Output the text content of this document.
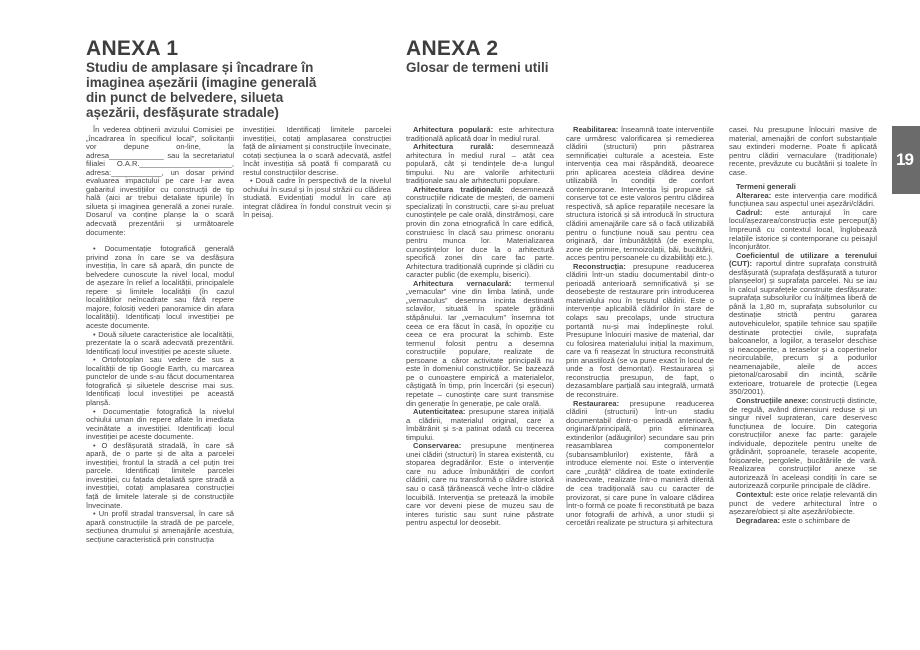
ANEXA 1
Studiu de amplasare și încadrare în
imaginea așezării (imagine generală
din punct de belvedere, silueta
așezării, desfășurate stradale)
ANEXA 2
Glosar de termeni utili
19

În vederea obținerii avizului Comisiei pe „încadrarea în specificul local”, solicitanții vor depune on-line, la adresa_____________ sau la secretariatul filialei O.A.R.______________________, adresa:____________, un dosar privind evaluarea impactului pe care l-ar avea gabaritul investițiilor cu construcții de tip hală (aici ar trebui detaliate tipurile) în silueta și imaginea generală a zonei rurale. Dosarul va conține planșe la o scară adecvată prezentării și următoarele documente:

• Documentație fotografică generală privind zona în care se va desfășura investiția, în care să apară, din puncte de belvedere cunoscute la nivel local, modul de așezare în relief a localității, principalele repere și limitele localității (în cazul localităților neîncadrate sau fără repere majore, folosiți vederi panoramice din afara localității). Identificați locul investiției pe aceste documente.

• Două siluete caracteristice ale localității, prezentate la o scară adecvată prezentării. Identificați locul investiției pe aceste siluete.

• Ortofotoplan sau vedere de sus a localității de tip Google Earth, cu marcarea punctelor de unde s-au făcut documentarea fotografică și siluetele descrise mai sus. Identificați locul investiției pe această planșă.

• Documentație fotografică la nivelul ochiului uman din repere aflate în imediata vecinătate a investiției. Identificați locul investiției pe aceste documente.

• O desfășurată stradală, în care să apară, de o parte și de alta a parcelei investiției, frontul la stradă a cel puțin trei parcele. Identificați limitele parcelei investiției, cu fațada detaliată spre stradă a investiției, cotați amplasarea construcției față de limitele laterale și de construcțiile învecinate.

• Un profil stradal transversal, în care să apară construcțiile la stradă de pe parcele, secțiunea drumului și amenajările acestuia, secțiune caracteristică prin construcția

investiției. Identificați limitele parcelei investiției, cotați amplasarea construcției față de aliniament și construcțiile învecinate, cotați secțiunea la o scară adecvată, astfel încât investiția să poată fi comparată cu restul construcțiilor descrise.

• Două cadre în perspectivă de la nivelul ochiului în susul și în josul străzii cu clădirea studiată. Evidențiați modul în care ați integrat clădirea în fondul construit vecin și în peisaj.

Arhitectura populară: este arhitectura tradițională aplicată doar în mediul rural.

Arhitectura rurală: desemnează arhitectura în mediul rural – atât cea populară, cât și tendințele de-a lungul timpului. Nu are valorile arhitecturii tradiționale sau ale arhitecturii populare.

Arhitectura tradițională: desemnează construcțiile ridicate de meșteri, de oameni specializați în construcții, care și-au preluat cunoștințele pe cale orală, dinstrămoși, care provin din zona etnografică în care edifică, construiesc în clacă sau primesc onorariu pentru munca lor. Materializarea cunoștințelor lor duce la o arhitectură specifică zonei din care fac parte. Arhitectura tradițională cuprinde și clădiri cu caracter public (de exemplu, biserici).

Arhitectura vernaculară: termenul „vernacular” vine din limba latină, unde „vernaculus” desemna incinta destinată sclavilor, situată în spatele grădinii stăpânului. Iar „vernaculum” însemna tot ceea ce era făcut în casă, în opoziție cu ceea ce era procurat la schimb. Este termenul folosit pentru a desemna construcțiile populare, realizate de persoane a căror activitate principală nu este în domeniul construcțiilor. Se bazează pe o cunoaștere empirică a materialelor, câștigată în timp, prin încercări (și eșecuri) repetate – cunoștințe care sunt transmise din generație în generație, pe cale orală.

Autenticitatea: presupune starea inițială a clădirii, materialul original, care a îmbătrânit și s-a patinat odată cu trecerea timpului.

Conservarea: presupune menținerea unei clădiri (structuri) în starea existentă, cu stoparea degradărilor. Este o intervenție care nu aduce îmbunătățiri de confort clădirii, care nu transformă o clădire istorică sau o casă țărănească veche într-o clădire locuibilă. Intervenția se pretează la imobile care vor deveni piese de muzeu sau de interes turistic sau sunt ruine păstrate pentru aspectul lor deosebit.

Reabilitarea: înseamnă toate intervențiile care urmăresc valorificarea și remedierea clădirii (structurii) prin păstrarea semnificației culturale a acesteia. Este intervenția cea mai răspândită, deoarece prin aplicarea acesteia clădirea devine utilizabilă în condiții de confort contemporane. Intervenția își propune să conserve tot ce este valoros pentru clădirea respectivă, să aplice reparațiile necesare la structura istorică și să introducă în structura clădirii amenajările care să o facă utilizabilă pentru o funcțiune nouă sau pentru cea originară, dar îmbunătățită (de exemplu, zone de primire, termoizolații, băi, bucătării, acces pentru persoanele cu dizabilități etc.).

Reconstrucția: presupune readucerea clădirii într-un stadiu documentabil dintr-o perioadă anterioară semnificativă și se deosebește de restaurare prin introducerea materialului nou în țesutul clădirii. Este o intervenție aplicabilă clădirilor în stare de colaps sau precolaps, unde structura portantă nu-și mai îndeplinește rolul. Presupune înlocuiri masive de material, dar cu folosirea materialului inițial la maximum, care va fi reașezat în structura reconstruită prin anastiloză (se va pune exact în locul de unde a fost demontat). Restaurarea și reconstrucția presupun, de fapt, o dezasamblare parțială sau integrală, urmată de reconstruire.

Restaurarea: presupune readucerea clădirii (structurii) într-un stadiu documentabil dintr-o perioadă anterioară, originară/principală, prin eliminarea extinderilor (adăugirilor) secundare sau prin reasamblarea componentelor (subansamblurilor) existente, fără a introduce elemente noi. Este o intervenție care „curăță” clădirea de toate extinderile inadecvate, realizate într-o manieră diferită de cea tradițională sau cu caracter de provizorat, și care pune în valoare clădirea într-o formă ce poate fi reconstituită pe baza unor fotografii de arhivă, a unor studii și cercetări realizate pe structura și arhitectura

casei. Nu presupune înlocuiri masive de material, amenajări de confort substanțiale sau extinderi moderne. Poate fi aplicată pentru clădiri vernaculare (tradiționale) recente, prevăzute cu bucătării și toalete în case.

Termeni generali

Alterarea: este intervenția care modifică funcțiunea sau aspectul unei așezări/clădiri.

Cadrul: este anturajul în care locul/așezarea/construcția este perceput(ă) împreună cu contextul local, înglobează relațiile istorice și contemporane cu peisajul înconjurător.

Coeficientul de utilizare a terenului (CUT): raportul dintre suprafața construită desfășurată (suprafața desfășurată a tuturor planșeelor) și suprafața parcelei. Nu se iau în calcul suprafețele construite desfășurate: suprafața subsolurilor cu înălțimea liberă de până la 1,80 m, suprafața subsolurilor cu destinație strictă pentru gararea autovehiculelor, spațiile tehnice sau spațiile destinate protecției civile, suprafața balcoanelor, a logiilor, a teraselor deschise și neacoperite, a teraselor și a copertinelor necirculabile, precum și a podurilor neamenajabile, aleile de acces pietonal/carosabil din incintă, scările exterioare, trotuarele de protecție (Legea 350/2001).

Construcțiile anexe: construcții distincte, de regulă, având dimensiuni reduse și un singur nivel suprateran, care deservesc funcțiunea de locuire. Din categoria construcțiilor anexe fac parte: garajele individuale, depozitele pentru unelte de grădinărit, șoproanele, terasele acoperite, foișoarele, pergolele, bucătăriile de vară. Realizarea construcțiilor anexe se autorizează în aceleași condiții în care se autorizează corpurile principale de clădire.

Contextul: este orice relație relevantă din punct de vedere arhitectural între o așezare/obiect și alte așezări/obiecte.

Degradarea: este o schimbare de
